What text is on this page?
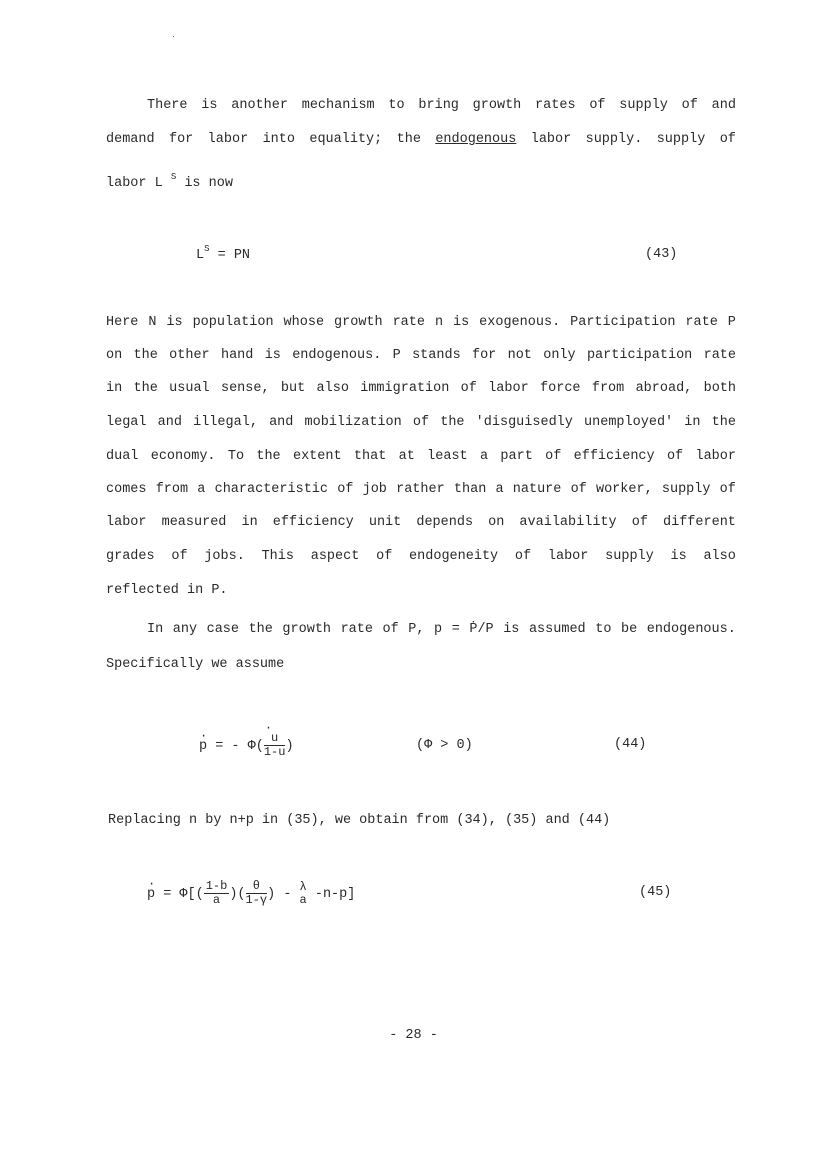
There is another mechanism to bring growth rates of supply of and
demand for labor into equality; the endogenous labor supply. supply of
labor L $^S$ is now
$L^S$ = PN	(43)
Here N is population whose growth rate n is exogenous. Participation rate P
on the other hand is endogenous. P stands for not only participation rate
in the usual sense, but also immigration of labor force from abroad, both
legal and illegal, and mobilization of the 'disguisedly unemployed' in the
dual economy. To the extent that at least a part of efficiency of labor
comes from a characteristic of job rather than a nature of worker, supply of
labor measured in efficiency unit depends on availability of different
grades of jobs. This aspect of endogeneity of labor supply is also
reflected in P.
In any case the growth rate of P, p = Ṗ/P is assumed to be endogenous.
Specifically we assume
· p = - Φ(
· $\frac{u}{1-u}$ )	(Φ > 0)	(44)
Replacing n by n+p in (35), we obtain from (34), (35) and (44)
· $p = \Phi[( \frac{1-b}{a}$ )( $\frac{\theta}{1-\gamma}$ ) -
λ
a -n-p]	(45)
- 28 -
